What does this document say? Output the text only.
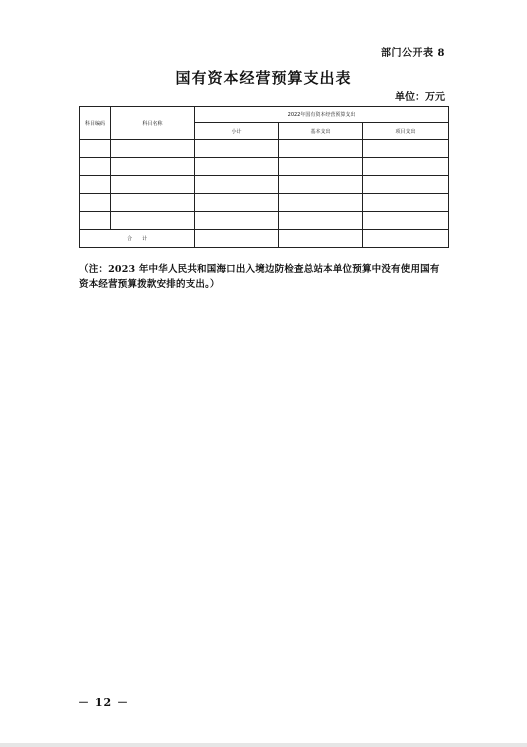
部门公开表 8
国有资本经营预算支出表
单位：万元
科目编码	科目名称	2022年国有资本经营预算支出		
		小计	基本支出	项目支出

合　　计				
（注：2023 年中华人民共和国海口出入境边防检查总站本单位预算中没有使用国有资本经营预算拨款安排的支出。）
－ 12 －
